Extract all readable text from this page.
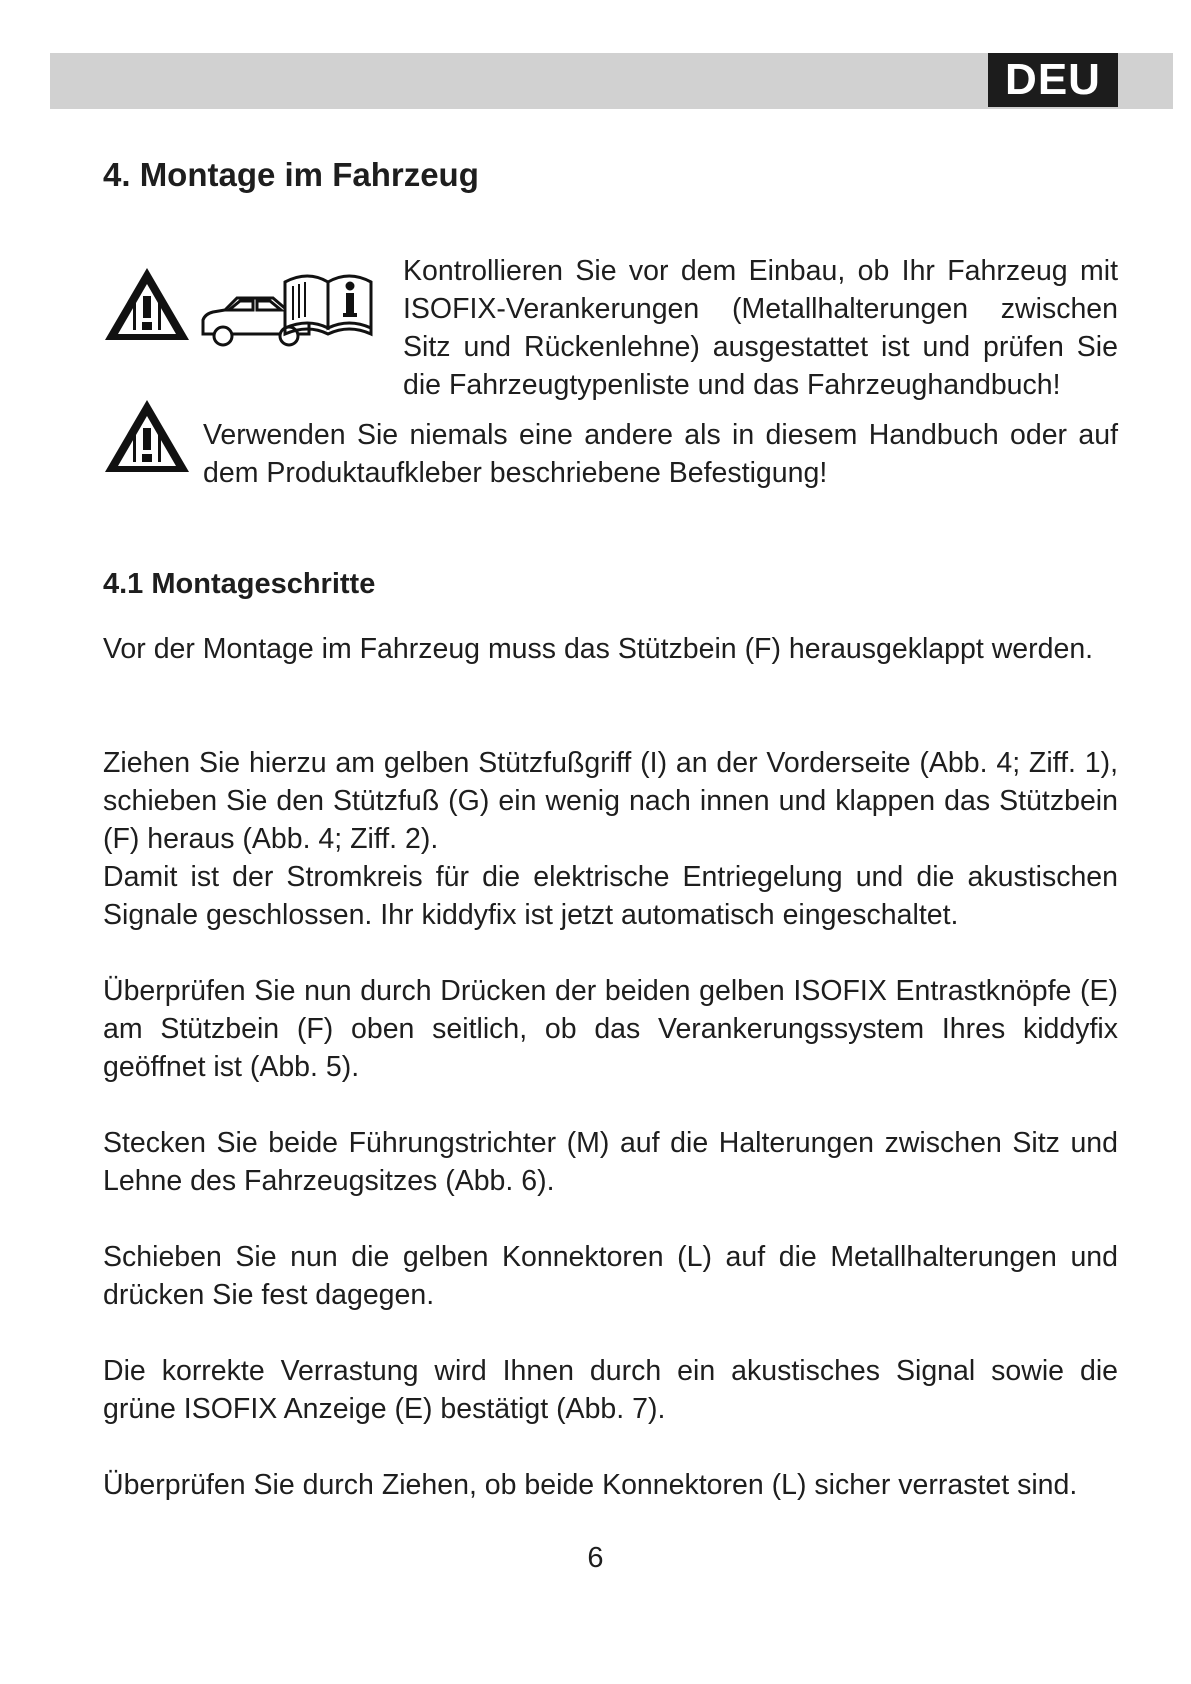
DEU
4. Montage im Fahrzeug

Kontrollieren Sie vor dem Einbau, ob Ihr Fahrzeug mit ISOFIX-Verankerungen (Metallhalterungen zwischen Sitz und Rückenlehne) ausgestattet ist und prüfen Sie die Fahrzeugtypenliste und das Fahrzeughandbuch!

Verwenden Sie niemals eine andere als in diesem Handbuch oder auf dem Produktaufkleber beschriebene Befestigung!

4.1 Montageschritte

Vor der Montage im Fahrzeug muss das Stützbein (F) herausgeklappt werden.

Ziehen Sie hierzu am gelben Stützfußgriff (I) an der Vorderseite (Abb. 4; Ziff. 1), schieben Sie den Stützfuß (G) ein wenig nach innen und klappen das Stützbein (F) heraus (Abb. 4; Ziff. 2).

Damit ist der Stromkreis für die elektrische Entriegelung und die akustischen Signale geschlossen. Ihr kiddyfix ist jetzt automatisch eingeschaltet.

Überprüfen Sie nun durch Drücken der beiden gelben ISOFIX Entrastknöpfe (E) am Stützbein (F) oben seitlich, ob das Verankerungssystem Ihres kiddyfix geöffnet ist (Abb. 5).

Stecken Sie beide Führungstrichter (M) auf die Halterungen zwischen Sitz und Lehne des Fahrzeugsitzes (Abb. 6).

Schieben Sie nun die gelben Konnektoren (L) auf die Metallhalterungen und drücken Sie fest dagegen.

Die korrekte Verrastung wird Ihnen durch ein akustisches Signal sowie die grüne ISOFIX Anzeige (E) bestätigt (Abb. 7).

Überprüfen Sie durch Ziehen, ob beide Konnektoren (L) sicher verrastet sind.

6
